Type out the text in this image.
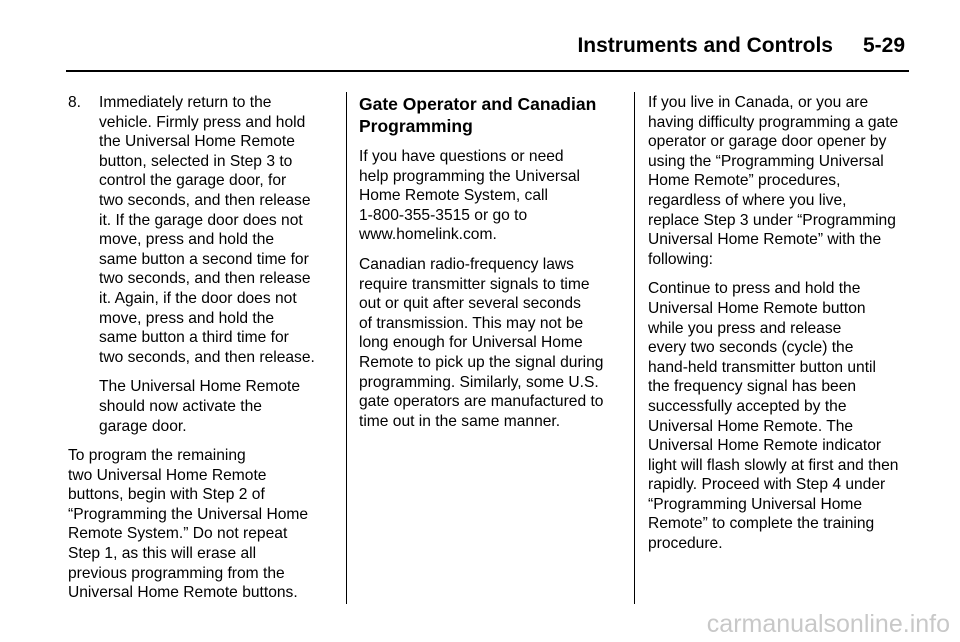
Instruments and Controls 5-29
8. Immediately return to the
vehicle. Firmly press and hold
the Universal Home Remote
button, selected in Step 3 to
control the garage door, for
two seconds, and then release
it. If the garage door does not
move, press and hold the
same button a second time for
two seconds, and then release
it. Again, if the door does not
move, press and hold the
same button a third time for
two seconds, and then release.

The Universal Home Remote
should now activate the
garage door.

To program the remaining
two Universal Home Remote
buttons, begin with Step 2 of
“Programming the Universal Home
Remote System.” Do not repeat
Step 1, as this will erase all
previous programming from the
Universal Home Remote buttons.

Gate Operator and Canadian
Programming

If you have questions or need
help programming the Universal
Home Remote System, call
1-800-355-3515 or go to
www.homelink.com.

Canadian radio-frequency laws
require transmitter signals to time
out or quit after several seconds
of transmission. This may not be
long enough for Universal Home
Remote to pick up the signal during
programming. Similarly, some U.S.
gate operators are manufactured to
time out in the same manner.

If you live in Canada, or you are
having difficulty programming a gate
operator or garage door opener by
using the “Programming Universal
Home Remote” procedures,
regardless of where you live,
replace Step 3 under “Programming
Universal Home Remote” with the
following:

Continue to press and hold the
Universal Home Remote button
while you press and release
every two seconds (cycle) the
hand-held transmitter button until
the frequency signal has been
successfully accepted by the
Universal Home Remote. The
Universal Home Remote indicator
light will flash slowly at first and then
rapidly. Proceed with Step 4 under
“Programming Universal Home
Remote” to complete the training
procedure.

carmanualsonline.info
